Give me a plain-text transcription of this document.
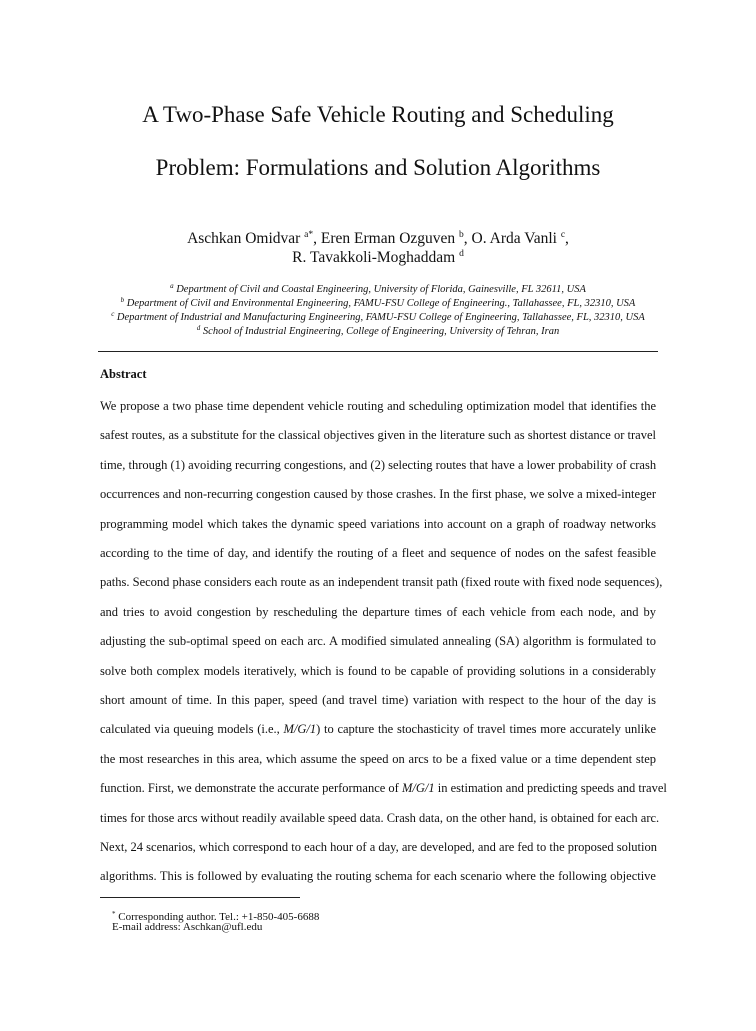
A Two-Phase Safe Vehicle Routing and Scheduling
Problem: Formulations and Solution Algorithms
Aschkan Omidvar $^{a*}$, Eren Erman Ozguven $^b$, O. Arda Vanli $^c$,
R. Tavakkoli-Moghaddam $^d$
$^a$ Department of Civil and Coastal Engineering, University of Florida, Gainesville, FL 32611, USA
$^b$ Department of Civil and Environmental Engineering, FAMU-FSU College of Engineering., Tallahassee, FL, 32310, USA
$^c$ Department of Industrial and Manufacturing Engineering, FAMU-FSU College of Engineering, Tallahassee, FL, 32310, USA
$^d$ School of Industrial Engineering, College of Engineering, University of Tehran, Iran
Abstract
We propose a two phase time dependent vehicle routing and scheduling optimization model that identifies the
safest routes, as a substitute for the classical objectives given in the literature such as shortest distance or travel
time, through (1) avoiding recurring congestions, and (2) selecting routes that have a lower probability of crash
occurrences and non-recurring congestion caused by those crashes. In the first phase, we solve a mixed-integer
programming model which takes the dynamic speed variations into account on a graph of roadway networks
according to the time of day, and identify the routing of a fleet and sequence of nodes on the safest feasible
paths. Second phase considers each route as an independent transit path (fixed route with fixed node sequences),
and tries to avoid congestion by rescheduling the departure times of each vehicle from each node, and by
adjusting the sub-optimal speed on each arc. A modified simulated annealing (SA) algorithm is formulated to
solve both complex models iteratively, which is found to be capable of providing solutions in a considerably
short amount of time. In this paper, speed (and travel time) variation with respect to the hour of the day is
calculated via queuing models (i.e., M/G/1) to capture the stochasticity of travel times more accurately unlike
the most researches in this area, which assume the speed on arcs to be a fixed value or a time dependent step
function. First, we demonstrate the accurate performance of M/G/1 in estimation and predicting speeds and travel
times for those arcs without readily available speed data. Crash data, on the other hand, is obtained for each arc.
Next, 24 scenarios, which correspond to each hour of a day, are developed, and are fed to the proposed solution
algorithms. This is followed by evaluating the routing schema for each scenario where the following objective
* Corresponding author. Tel.: +1-850-405-6688
E-mail address: Aschkan@ufl.edu
